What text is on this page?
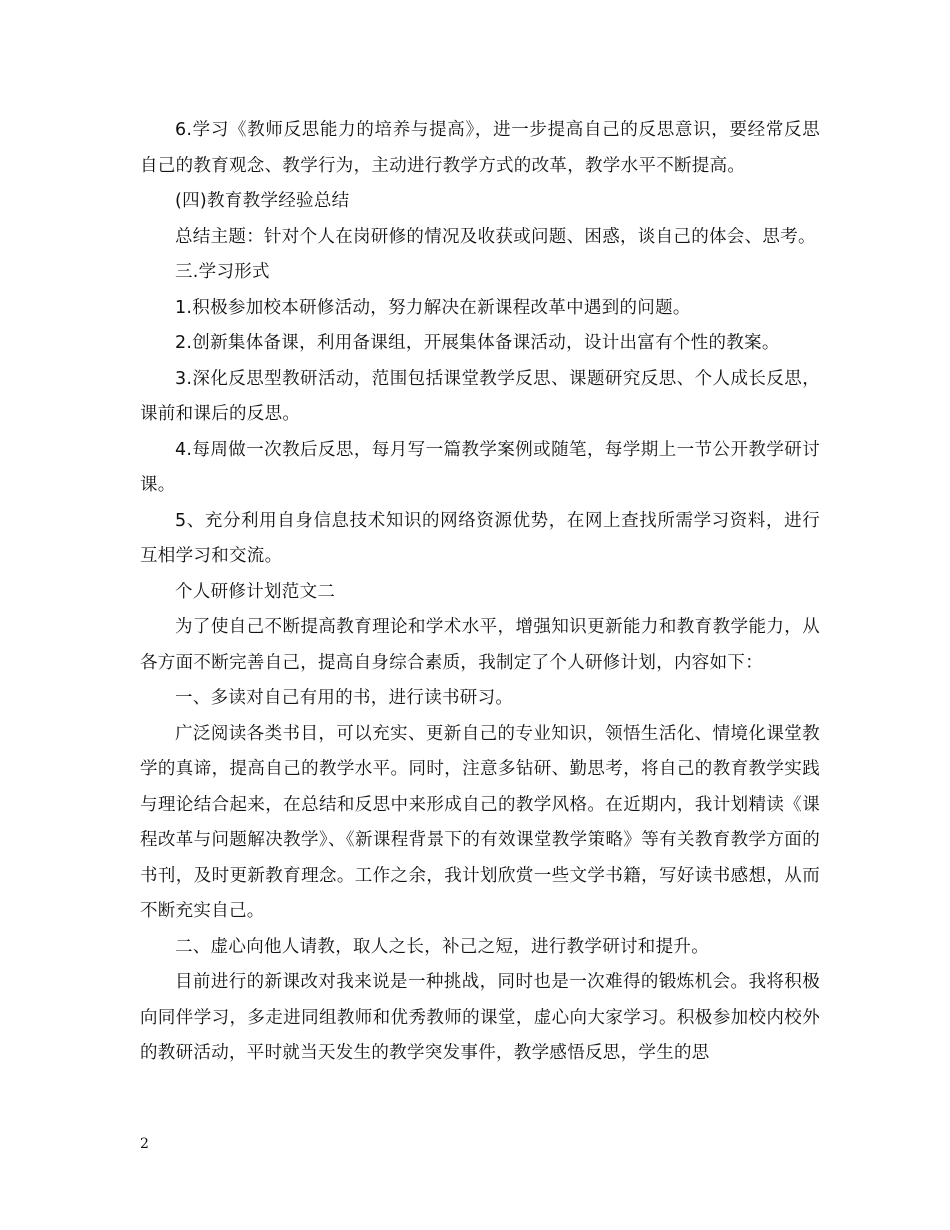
6.学习《教师反思能力的培养与提高》，进一步提高自己的反思意识，要经常反思自己的教育观念、教学行为，主动进行教学方式的改革，教学水平不断提高。

(四)教育教学经验总结

总结主题：针对个人在岗研修的情况及收获或问题、困惑，谈自己的体会、思考。

三.学习形式

1.积极参加校本研修活动，努力解决在新课程改革中遇到的问题。

2.创新集体备课，利用备课组，开展集体备课活动，设计出富有个性的教案。

3.深化反思型教研活动，范围包括课堂教学反思、课题研究反思、个人成长反思，课前和课后的反思。

4.每周做一次教后反思，每月写一篇教学案例或随笔，每学期上一节公开教学研讨课。

5、充分利用自身信息技术知识的网络资源优势，在网上查找所需学习资料，进行互相学习和交流。

个人研修计划范文二

为了使自己不断提高教育理论和学术水平，增强知识更新能力和教育教学能力，从各方面不断完善自己，提高自身综合素质，我制定了个人研修计划，内容如下：

一、多读对自己有用的书，进行读书研习。

广泛阅读各类书目，可以充实、更新自己的专业知识，领悟生活化、情境化课堂教学的真谛，提高自己的教学水平。同时，注意多钻研、勤思考，将自己的教育教学实践与理论结合起来，在总结和反思中来形成自己的教学风格。在近期内，我计划精读《课程改革与问题解决教学》、《新课程背景下的有效课堂教学策略》等有关教育教学方面的书刊，及时更新教育理念。工作之余，我计划欣赏一些文学书籍，写好读书感想，从而不断充实自己。

二、虚心向他人请教，取人之长，补己之短，进行教学研讨和提升。

目前进行的新课改对我来说是一种挑战，同时也是一次难得的锻炼机会。我将积极向同伴学习，多走进同组教师和优秀教师的课堂，虚心向大家学习。积极参加校内校外的教研活动，平时就当天发生的教学突发事件，教学感悟反思，学生的思

2
